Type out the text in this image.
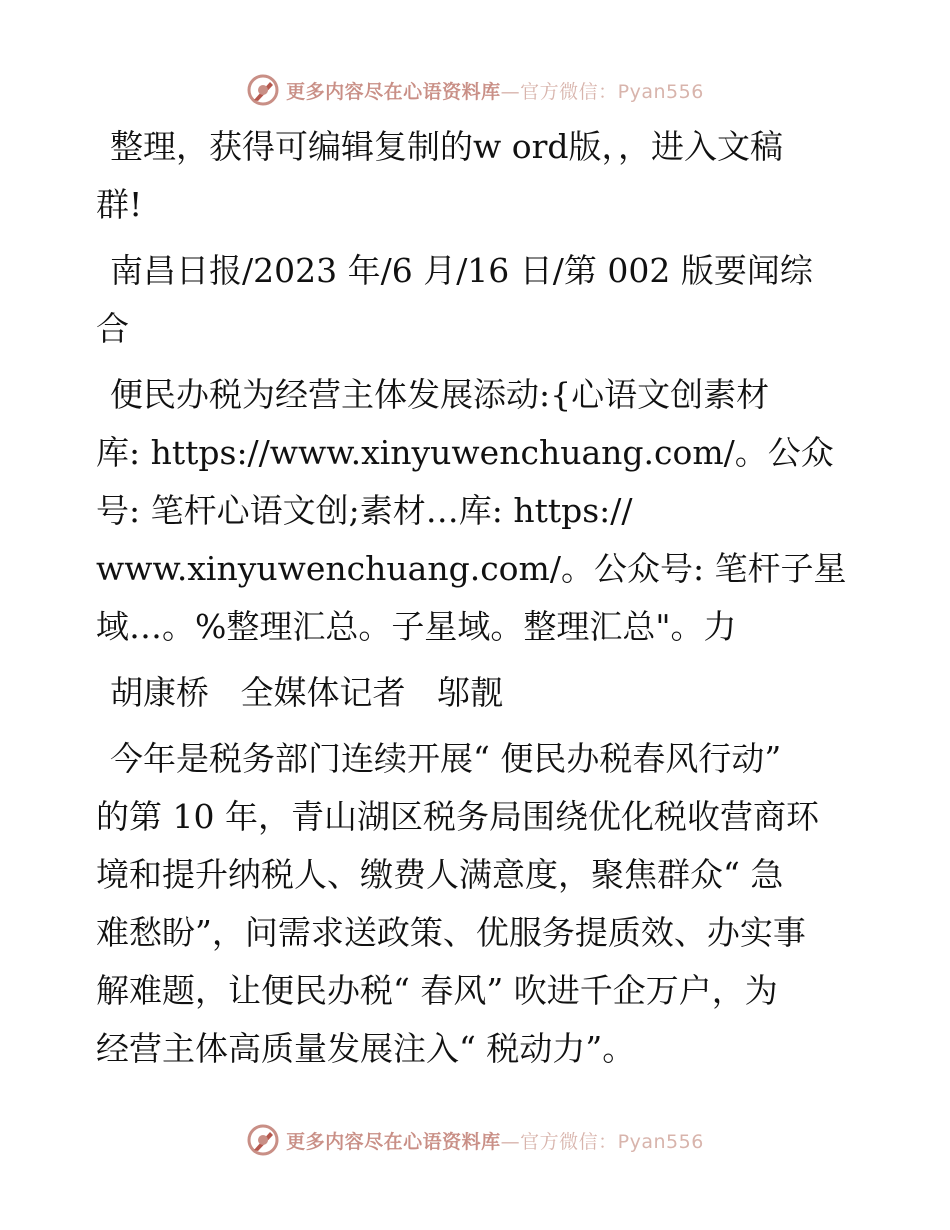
更多内容尽在心语资料库—官方微信：Pyan556
整理，获得可编辑复制的w ord版，，进入文稿
群!
南昌日报/2023 年/6 月/16 日/第 002 版要闻综
合
便民办税为经营主体发展添动:{心语文创素材
库: https://www.xinyuwenchuang.com/。公众
号: 笔杆心语文创;素材…库: https://
www.xinyuwenchuang.com/。公众号: 笔杆子星
域…。%整理汇总。子星域。整理汇总"。力
胡康桥   全媒体记者   邬靓
今年是税务部门连续开展“ 便民办税春风行动”
的第 10 年，青山湖区税务局围绕优化税收营商环
境和提升纳税人、缴费人满意度，聚焦群众“ 急
难愁盼”，问需求送政策、优服务提质效、办实事
解难题，让便民办税“ 春风” 吹进千企万户，为
经营主体高质量发展注入“ 税动力”。
更多内容尽在心语资料库—官方微信：Pyan556
